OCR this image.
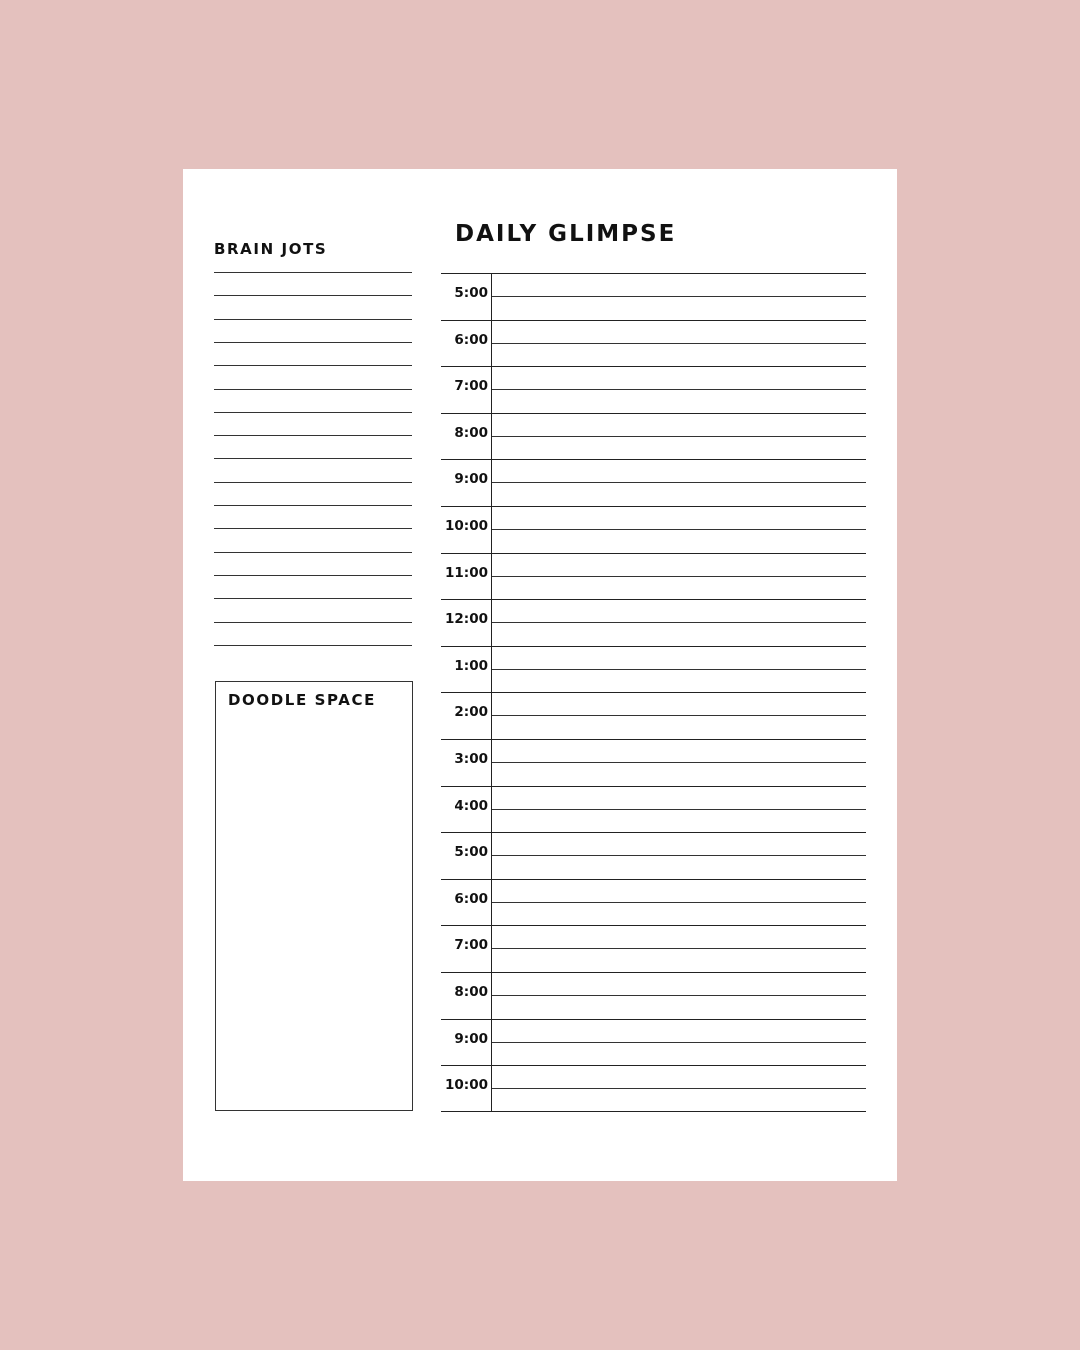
BRAIN JOTS
DOODLE SPACE
DAILY GLIMPSE
5:00
6:00
7:00
8:00
9:00
10:00
11:00
12:00
1:00
2:00
3:00
4:00
5:00
6:00
7:00
8:00
9:00
10:00
